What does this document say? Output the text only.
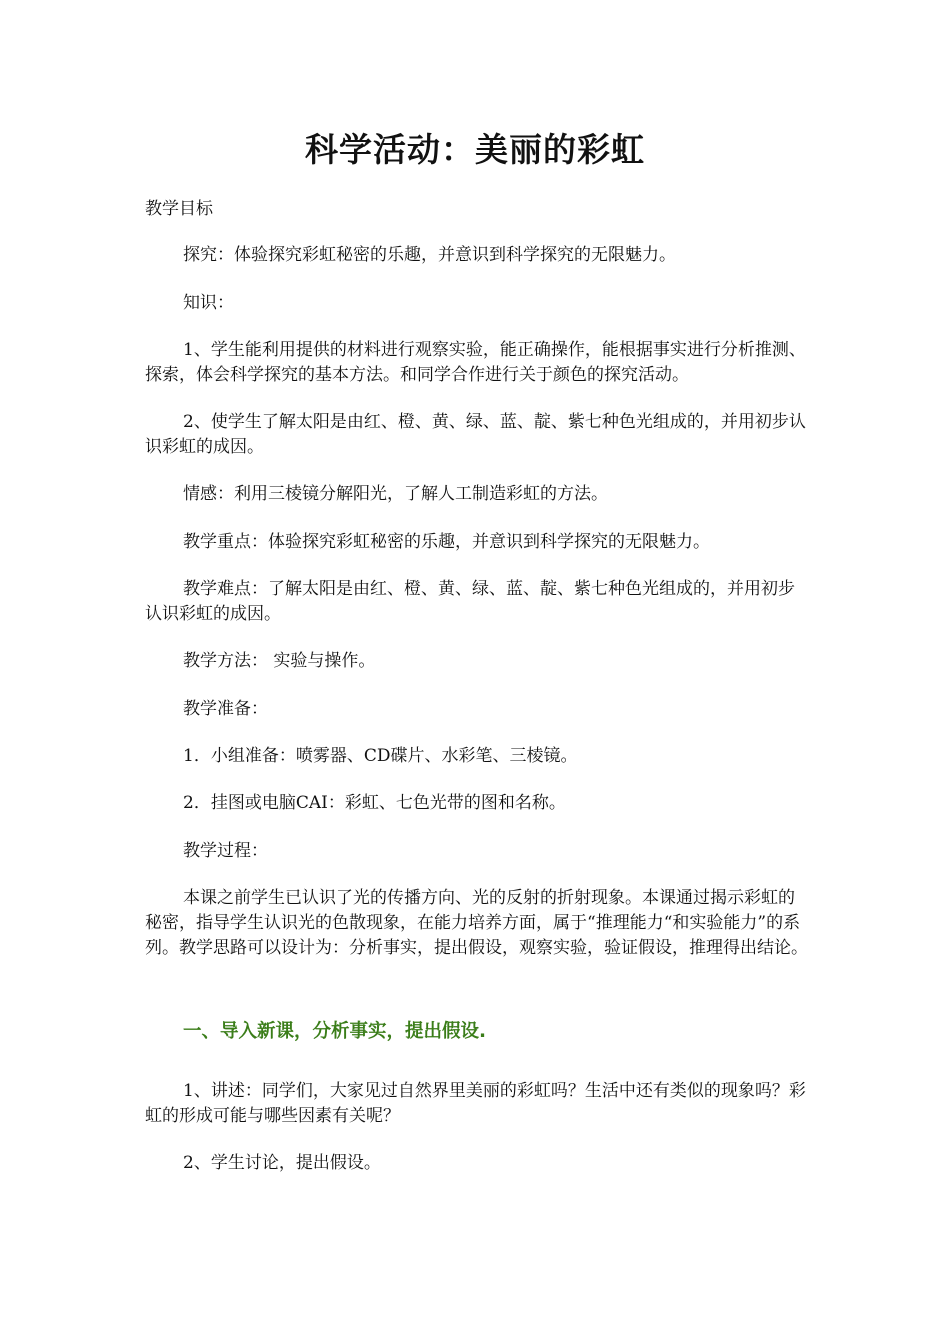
科学活动：美丽的彩虹

教学目标

探究：体验探究彩虹秘密的乐趣，并意识到科学探究的无限魅力。

知识：

1、学生能利用提供的材料进行观察实验，能正确操作，能根据事实进行分析推测、探索，体会科学探究的基本方法。和同学合作进行关于颜色的探究活动。

2、使学生了解太阳是由红、橙、黄、绿、蓝、靛、紫七种色光组成的，并用初步认识彩虹的成因。

情感：利用三棱镜分解阳光，了解人工制造彩虹的方法。

教学重点：体验探究彩虹秘密的乐趣，并意识到科学探究的无限魅力。

教学难点：了解太阳是由红、橙、黄、绿、蓝、靛、紫七种色光组成的，并用初步认识彩虹的成因。

教学方法： 实验与操作。

教学准备：

1．小组准备：喷雾器、CD碟片、水彩笔、三棱镜。

2．挂图或电脑CAI：彩虹、七色光带的图和名称。

教学过程：

本课之前学生已认识了光的传播方向、光的反射的折射现象。本课通过揭示彩虹的秘密，指导学生认识光的色散现象，在能力培养方面，属于“推理能力“和实验能力”的系列。教学思路可以设计为：分析事实，提出假设，观察实验，验证假设，推理得出结论。

一、导入新课，分析事实，提出假设.

1、讲述：同学们，大家见过自然界里美丽的彩虹吗？生活中还有类似的现象吗？彩虹的形成可能与哪些因素有关呢？

2、学生讨论，提出假设。
